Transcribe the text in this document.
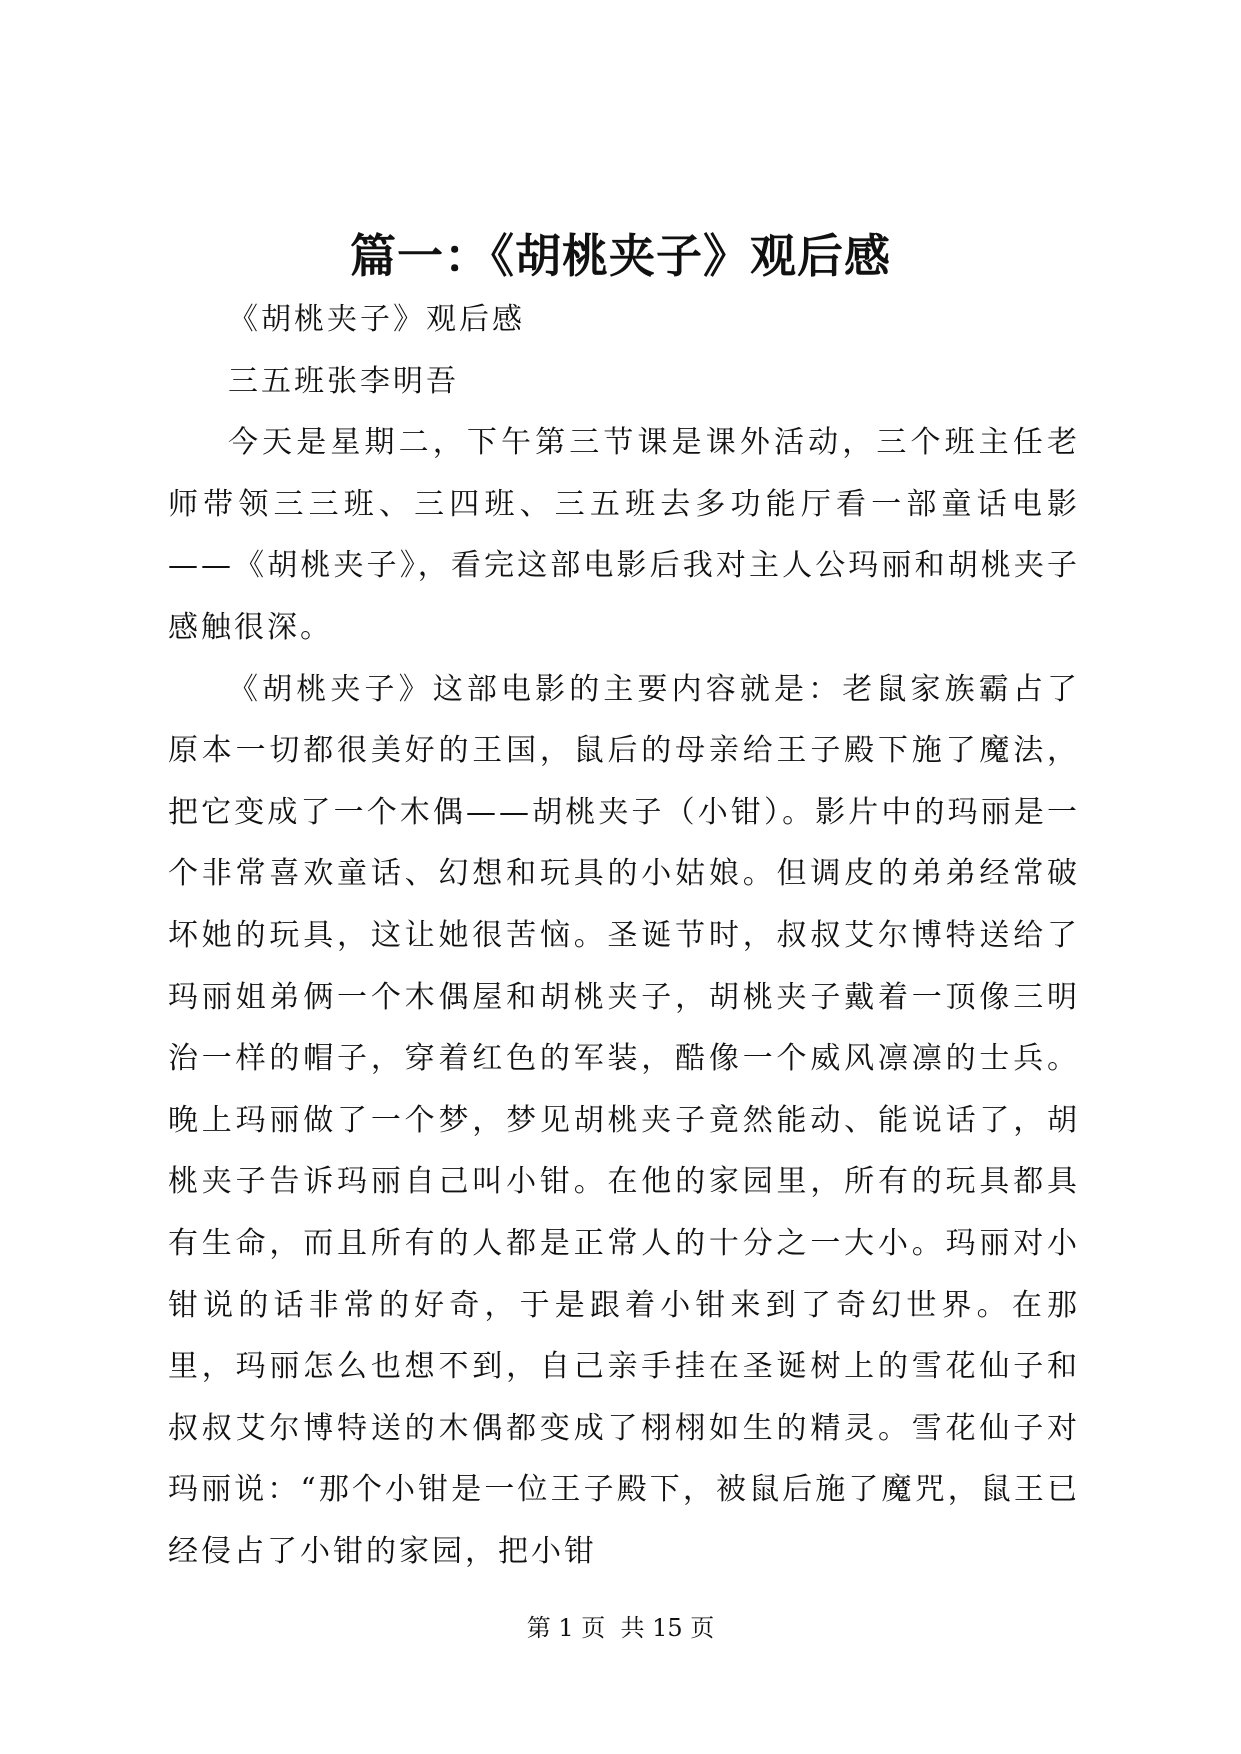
篇一：《胡桃夹子》观后感

《胡桃夹子》观后感

三五班张李明吾

今天是星期二，下午第三节课是课外活动，三个班主任老师带领三三班、三四班、三五班去多功能厅看一部童话电影——《胡桃夹子》，看完这部电影后我对主人公玛丽和胡桃夹子感触很深。

《胡桃夹子》这部电影的主要内容就是：老鼠家族霸占了原本一切都很美好的王国，鼠后的母亲给王子殿下施了魔法，把它变成了一个木偶——胡桃夹子（小钳）。影片中的玛丽是一个非常喜欢童话、幻想和玩具的小姑娘。但调皮的弟弟经常破坏她的玩具，这让她很苦恼。圣诞节时，叔叔艾尔博特送给了玛丽姐弟俩一个木偶屋和胡桃夹子，胡桃夹子戴着一顶像三明治一样的帽子，穿着红色的军装，酷像一个威风凛凛的士兵。晚上玛丽做了一个梦，梦见胡桃夹子竟然能动、能说话了，胡桃夹子告诉玛丽自己叫小钳。在他的家园里，所有的玩具都具有生命，而且所有的人都是正常人的十分之一大小。玛丽对小钳说的话非常的好奇，于是跟着小钳来到了奇幻世界。在那里，玛丽怎么也想不到，自己亲手挂在圣诞树上的雪花仙子和叔叔艾尔博特送的木偶都变成了栩栩如生的精灵。雪花仙子对玛丽说：“那个小钳是一位王子殿下，被鼠后施了魔咒，鼠王已经侵占了小钳的家园，把小钳

第 1 页  共 15 页
